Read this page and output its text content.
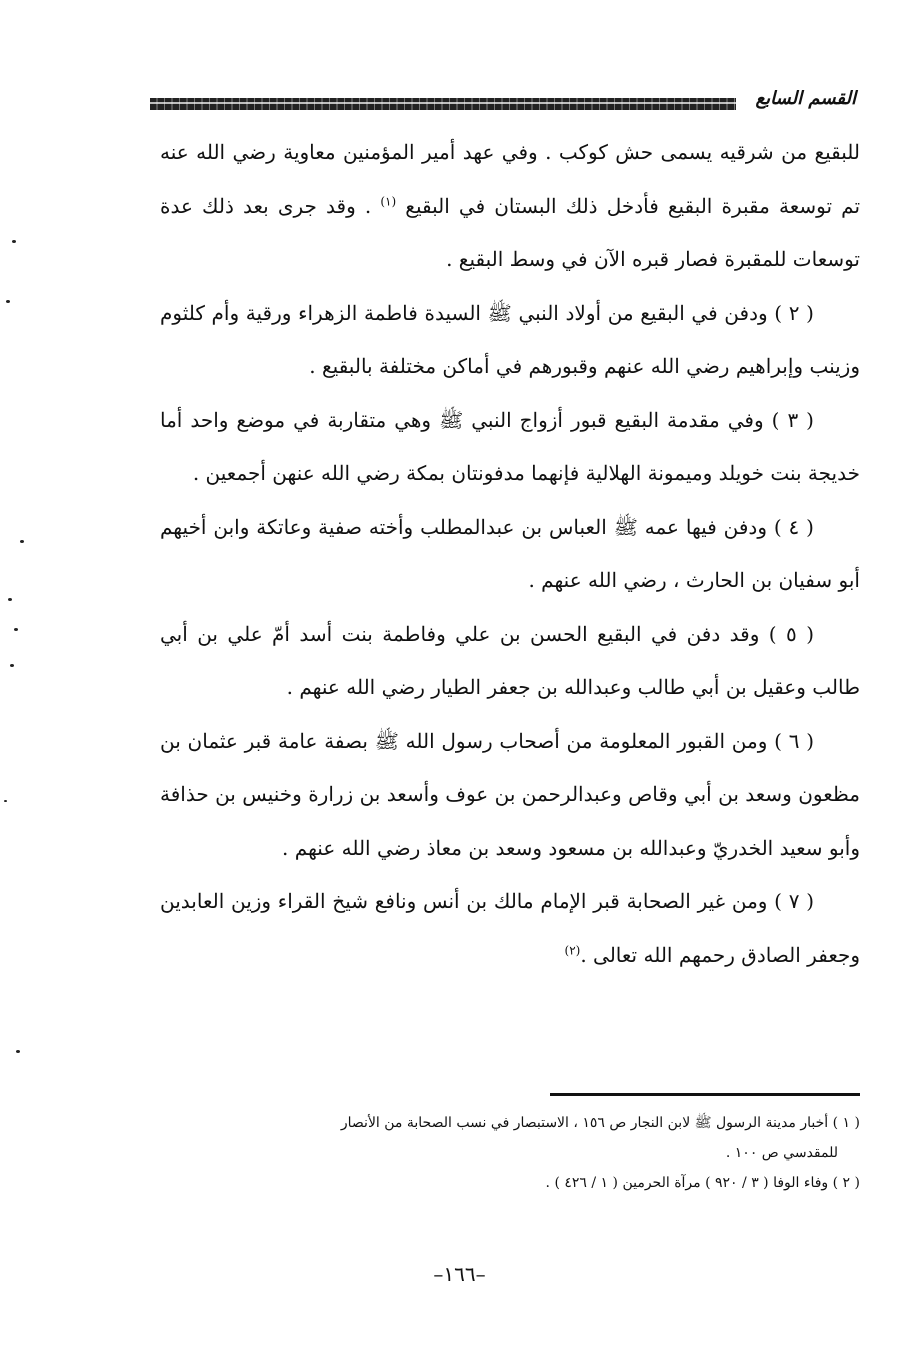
القسم السابع

للبقيع من شرقيه يسمى حش كوكب . وفي عهد أمير المؤمنين معاوية رضي الله عنه تم توسعة مقبرة البقيع فأدخل ذلك البستان في البقيع $^{(١)}$ . وقد جرى بعد ذلك عدة توسعات للمقبرة فصار قبره الآن في وسط البقيع .

( ٢ ) ودفن في البقيع من أولاد النبي ﷺ السيدة فاطمة الزهراء ورقية وأم كلثوم وزينب وإبراهيم رضي الله عنهم وقبورهم في أماكن مختلفة بالبقيع .

( ٣ ) وفي مقدمة البقيع قبور أزواج النبي ﷺ وهي متقاربة في موضع واحد أما خديجة بنت خويلد وميمونة الهلالية فإنهما مدفونتان بمكة رضي الله عنهن أجمعين .

( ٤ ) ودفن فيها عمه ﷺ العباس بن عبدالمطلب وأخته صفية وعاتكة وابن أخيهم أبو سفيان بن الحارث ، رضي الله عنهم .

( ٥ ) وقد دفن في البقيع الحسن بن علي وفاطمة بنت أسد أمّ علي بن أبي طالب وعقيل بن أبي طالب وعبدالله بن جعفر الطيار رضي الله عنهم .

( ٦ ) ومن القبور المعلومة من أصحاب رسول الله ﷺ بصفة عامة قبر عثمان بن مظعون وسعد بن أبي وقاص وعبدالرحمن بن عوف وأسعد بن زرارة وخنيس بن حذافة وأبو سعيد الخدريّ وعبدالله بن مسعود وسعد بن معاذ رضي الله عنهم .

( ٧ ) ومن غير الصحابة قبر الإمام مالك بن أنس ونافع شيخ القراء وزين العابدين وجعفر الصادق رحمهم الله تعالى .$^{(٢)}$

( ١ ) أخبار مدينة الرسول ﷺ لابن النجار ص ١٥٦ ، الاستبصار في نسب الصحابة من الأنصار

للمقدسي ص ١٠٠ .

( ٢ ) وفاء الوفا ( ٣ / ٩٢٠ ) مرآة الحرمين ( ١ / ٤٢٦ ) .

–١٦٦–
